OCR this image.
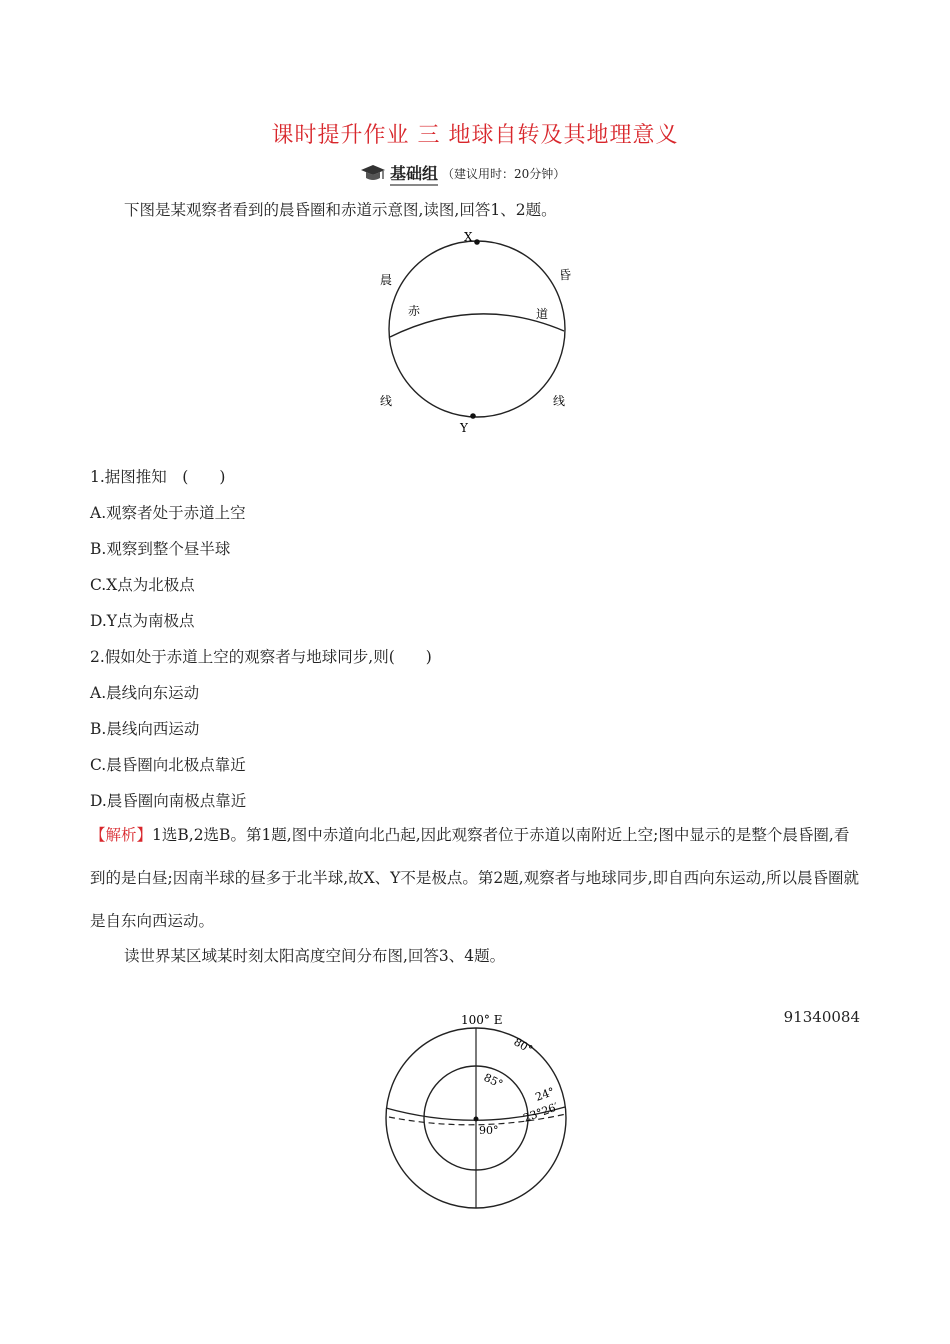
课时提升作业 三 地球自转及其地理意义
基础组 （建议用时：20分钟）
下图是某观察者看到的晨昏圈和赤道示意图,读图,回答1、2题。
X
Y
晨	昏
赤	道
线	线
1.据图推知　(　　)
A.观察者处于赤道上空
B.观察到整个昼半球
C.X点为北极点
D.Y点为南极点
2.假如处于赤道上空的观察者与地球同步,则(　　)
A.晨线向东运动
B.晨线向西运动
C.晨昏圈向北极点靠近
D.晨昏圈向南极点靠近
【解析】1选B,2选B。第1题,图中赤道向北凸起,因此观察者位于赤道以南附近上空;图中显示的是整个晨昏圈,看到的是白昼;因南半球的昼多于北半球,故X、Y不是极点。第2题,观察者与地球同步,即自西向东运动,所以晨昏圈就是自东向西运动。
读世界某区域某时刻太阳高度空间分布图,回答3、4题。
91340084
100° E
80°
85°
90°
24°
23°26′
